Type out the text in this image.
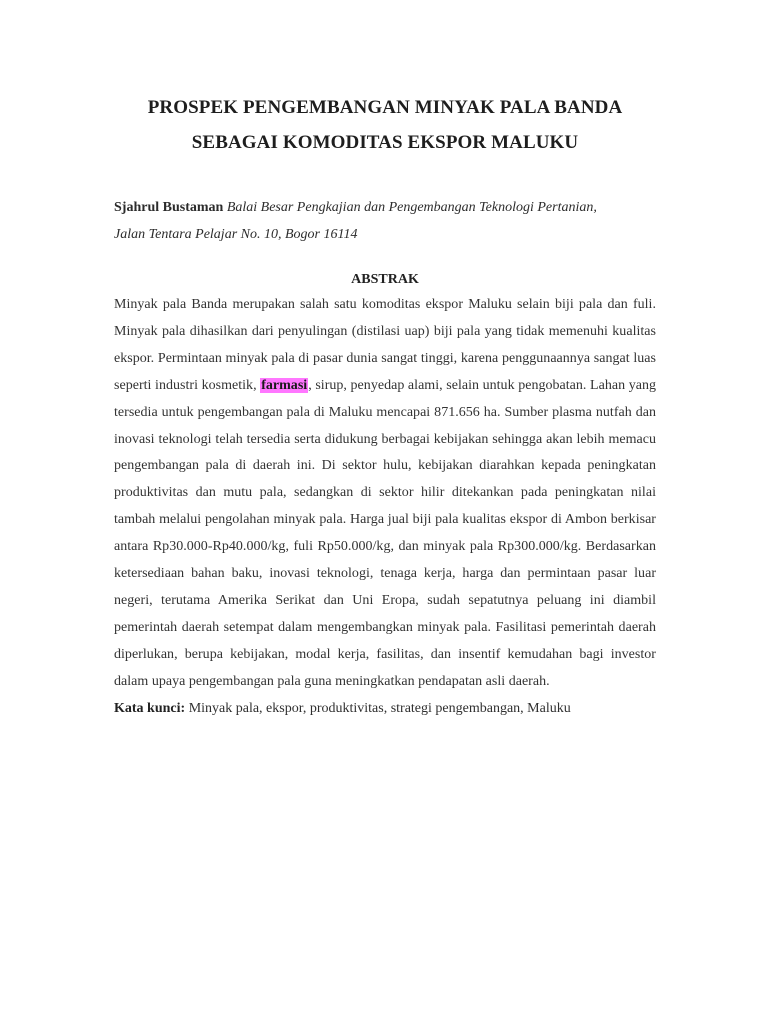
PROSPEK PENGEMBANGAN MINYAK PALA BANDA
SEBAGAI KOMODITAS EKSPOR MALUKU
Sjahrul Bustaman Balai Besar Pengkajian dan Pengembangan Teknologi Pertanian,
Jalan Tentara Pelajar No. 10, Bogor 16114
ABSTRAK

Minyak pala Banda merupakan salah satu komoditas ekspor Maluku selain biji pala dan fuli. Minyak pala dihasilkan dari penyulingan (distilasi uap) biji pala yang tidak memenuhi kualitas ekspor. Permintaan minyak pala di pasar dunia sangat tinggi, karena penggunaannya sangat luas seperti industri kosmetik, farmasi, sirup, penyedap alami, selain untuk pengobatan. Lahan yang tersedia untuk pengembangan pala di Maluku mencapai 871.656 ha. Sumber plasma nutfah dan inovasi teknologi telah tersedia serta didukung berbagai kebijakan sehingga akan lebih memacu pengembangan pala di daerah ini. Di sektor hulu, kebijakan diarahkan kepada peningkatan produktivitas dan mutu pala, sedangkan di sektor hilir ditekankan pada peningkatan nilai tambah melalui pengolahan minyak pala. Harga jual biji pala kualitas ekspor di Ambon berkisar antara Rp30.000-Rp40.000/kg, fuli Rp50.000/kg, dan minyak pala Rp300.000/kg. Berdasarkan ketersediaan bahan baku, inovasi teknologi, tenaga kerja, harga dan permintaan pasar luar negeri, terutama Amerika Serikat dan Uni Eropa, sudah sepatutnya peluang ini diambil pemerintah daerah setempat dalam mengembangkan minyak pala. Fasilitasi pemerintah daerah diperlukan, berupa kebijakan, modal kerja, fasilitas, dan insentif kemudahan bagi investor dalam upaya pengembangan pala guna meningkatkan pendapatan asli daerah.

Kata kunci: Minyak pala, ekspor, produktivitas, strategi pengembangan, Maluku
